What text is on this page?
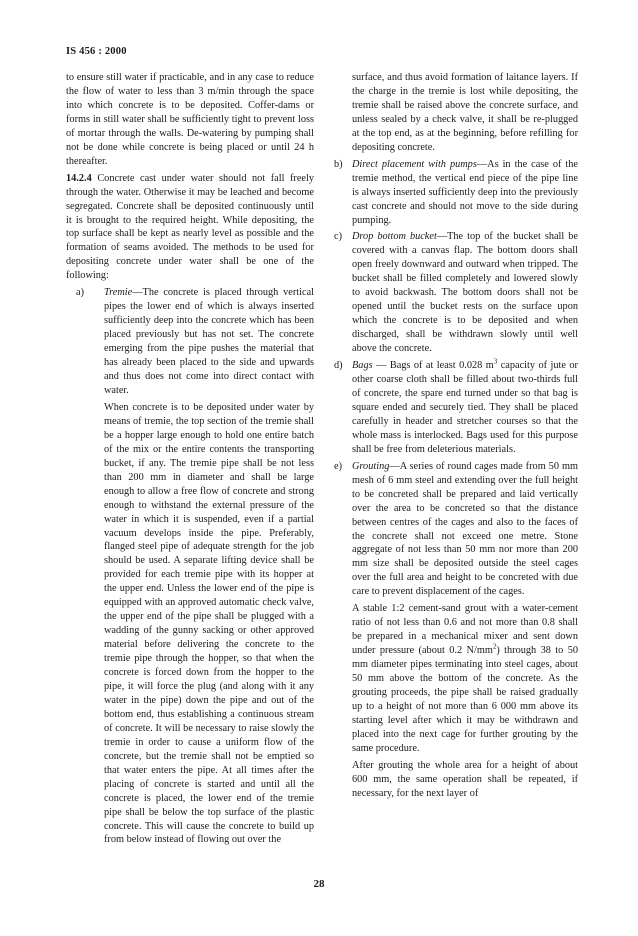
IS 456 : 2000

to ensure still water if practicable, and in any case to reduce the flow of water to less than 3 m/min through the space into which concrete is to be deposited. Coffer-dams or forms in still water shall be sufficiently tight to prevent loss of mortar through the walls. De-watering by pumping shall not be done while concrete is being placed or until 24 h thereafter.

14.2.4 Concrete cast under water should not fall freely through the water. Otherwise it may be leached and become segregated. Concrete shall be deposited continuously until it is brought to the required height. While depositing, the top surface shall be kept as nearly level as possible and the formation of seams avoided. The methods to be used for depositing concrete under water shall be one of the following:

a) Tremie—The concrete is placed through vertical pipes the lower end of which is always inserted sufficiently deep into the concrete which has been placed previously but has not set. The concrete emerging from the pipe pushes the material that has already been placed to the side and upwards and thus does not come into direct contact with water.

When concrete is to be deposited under water by means of tremie, the top section of the tremie shall be a hopper large enough to hold one entire batch of the mix or the entire contents the transporting bucket, if any. The tremie pipe shall be not less than 200 mm in diameter and shall be large enough to allow a free flow of concrete and strong enough to withstand the external pressure of the water in which it is suspended, even if a partial vacuum develops inside the pipe. Preferably, flanged steel pipe of adequate strength for the job should be used. A separate lifting device shall be provided for each tremie pipe with its hopper at the upper end. Unless the lower end of the pipe is equipped with an approved automatic check valve, the upper end of the pipe shall be plugged with a wadding of the gunny sacking or other approved material before delivering the concrete to the tremie pipe through the hopper, so that when the concrete is forced down from the hopper to the pipe, it will force the plug (and along with it any water in the pipe) down the pipe and out of the bottom end, thus establishing a continuous stream of concrete. It will be necessary to raise slowly the tremie in order to cause a uniform flow of the concrete, but the tremie shall not be emptied so that water enters the pipe. At all times after the placing of concrete is started and until all the concrete is placed, the lower end of the tremie pipe shall be below the top surface of the plastic concrete. This will cause the concrete to build up from below instead of flowing out over the

surface, and thus avoid formation of laitance layers. If the charge in the tremie is lost while depositing, the tremie shall be raised above the concrete surface, and unless sealed by a check valve, it shall be re-plugged at the top end, as at the beginning, before refilling for depositing concrete.

b) Direct placement with pumps—As in the case of the tremie method, the vertical end piece of the pipe line is always inserted sufficiently deep into the previously cast concrete and should not move to the side during pumping.
c) Drop bottom bucket—The top of the bucket shall be covered with a canvas flap. The bottom doors shall open freely downward and outward when tripped. The bucket shall be filled completely and lowered slowly to avoid backwash. The bottom doors shall not be opened until the bucket rests on the surface upon which the concrete is to be deposited and when discharged, shall be withdrawn slowly until well above the concrete.
d) Bags — Bags of at least 0.028 $m^3$ capacity of jute or other coarse cloth shall be filled about two-thirds full of concrete, the spare end turned under so that bag is square ended and securely tied. They shall be placed carefully in header and stretcher courses so that the whole mass is interlocked. Bags used for this purpose shall be free from deleterious materials.
e) Grouting—A series of round cages made from 50 mm mesh of 6 mm steel and extending over the full height to be concreted shall be prepared and laid vertically over the area to be concreted so that the distance between centres of the cages and also to the faces of the concrete shall not exceed one metre. Stone aggregate of not less than 50 mm nor more than 200 mm size shall be deposited outside the steel cages over the full area and height to be concreted with due care to prevent displacement of the cages.

A stable 1:2 cement-sand grout with a water-cement ratio of not less than 0.6 and not more than 0.8 shall be prepared in a mechanical mixer and sent down under pressure (about 0.2 $N/mm^2$) through 38 to 50 mm diameter pipes terminating into steel cages, about 50 mm above the bottom of the concrete. As the grouting proceeds, the pipe shall be raised gradually up to a height of not more than 6 000 mm above its starting level after which it may be withdrawn and placed into the next cage for further grouting by the same procedure.

After grouting the whole area for a height of about 600 mm, the same operation shall be repeated, if necessary, for the next layer of

28
